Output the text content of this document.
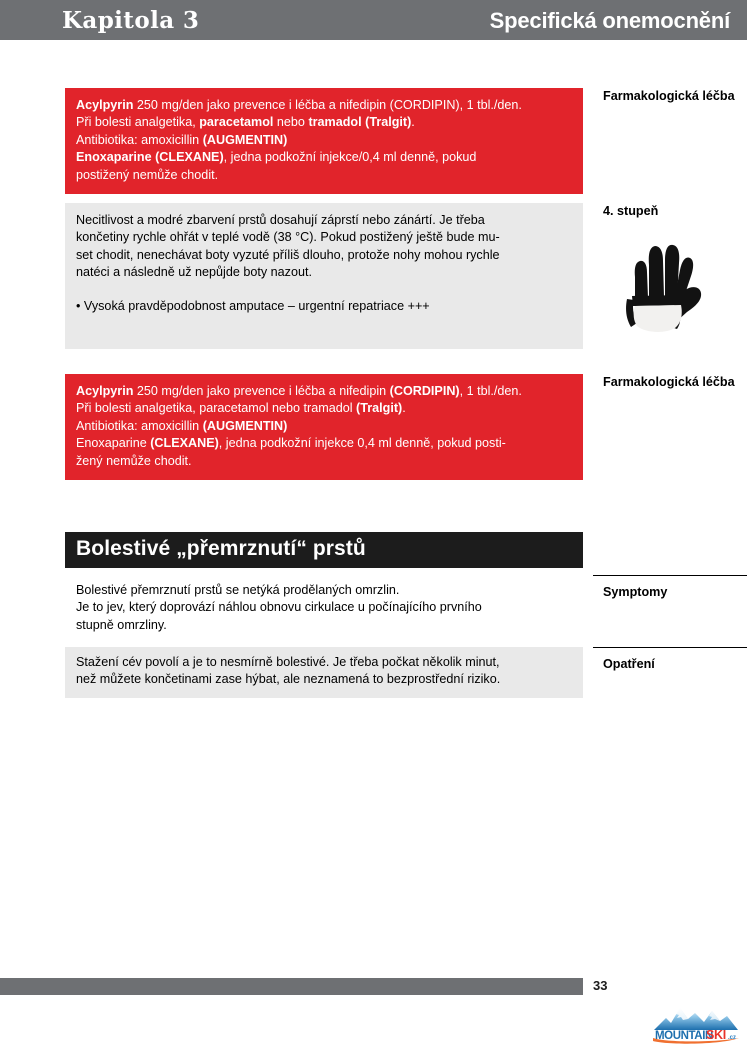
Kapitola 3	Specifická onemocnění
Acylpyrin 250 mg/den jako prevence i léčba a nifedipin (CORDIPIN), 1 tbl./den.
Při bolesti analgetika, paracetamol nebo tramadol (Tralgit).
Antibiotika: amoxicillin (AUGMENTIN)
Enoxaparine (CLEXANE), jedna podkožní injekce/0,4 ml denně, pokud
postižený nemůže chodit.
Farmakologická léčba
Necitlivost a modré zbarvení prstů dosahují záprstí nebo zánártí. Je třeba
končetiny rychle ohřát v teplé vodě (38 °C). Pokud postižený ještě bude mu-
set chodit, nenechávat boty vyzuté příliš dlouho, protože nohy mohou rychle
natéci a následně už nepůjde boty nazout.
• Vysoká pravděpodobnost amputace – urgentní repatriace +++
4. stupeň
Acylpyrin 250 mg/den jako prevence i léčba a nifedipin (CORDIPIN), 1 tbl./den.
Při bolesti analgetika, paracetamol nebo tramadol (Tralgit).
Antibiotika: amoxicillin (AUGMENTIN)
Enoxaparine (CLEXANE), jedna podkožní injekce 0,4 ml denně, pokud posti-
žený nemůže chodit.
Farmakologická léčba
Bolestivé „přemrznutí“ prstů
Bolestivé přemrznutí prstů se netýká prodělaných omrzlin.
Je to jev, který doprovází náhlou obnovu cirkulace u počínajícího prvního
stupně omrzliny.
Symptomy
Stažení cév povolí a je to nesmírně bolestivé. Je třeba počkat několik minut,
než můžete končetinami zase hýbat, ale neznamená to bezprostřední riziko.
Opatření
33
MOUNTAIN
SKI .cz
